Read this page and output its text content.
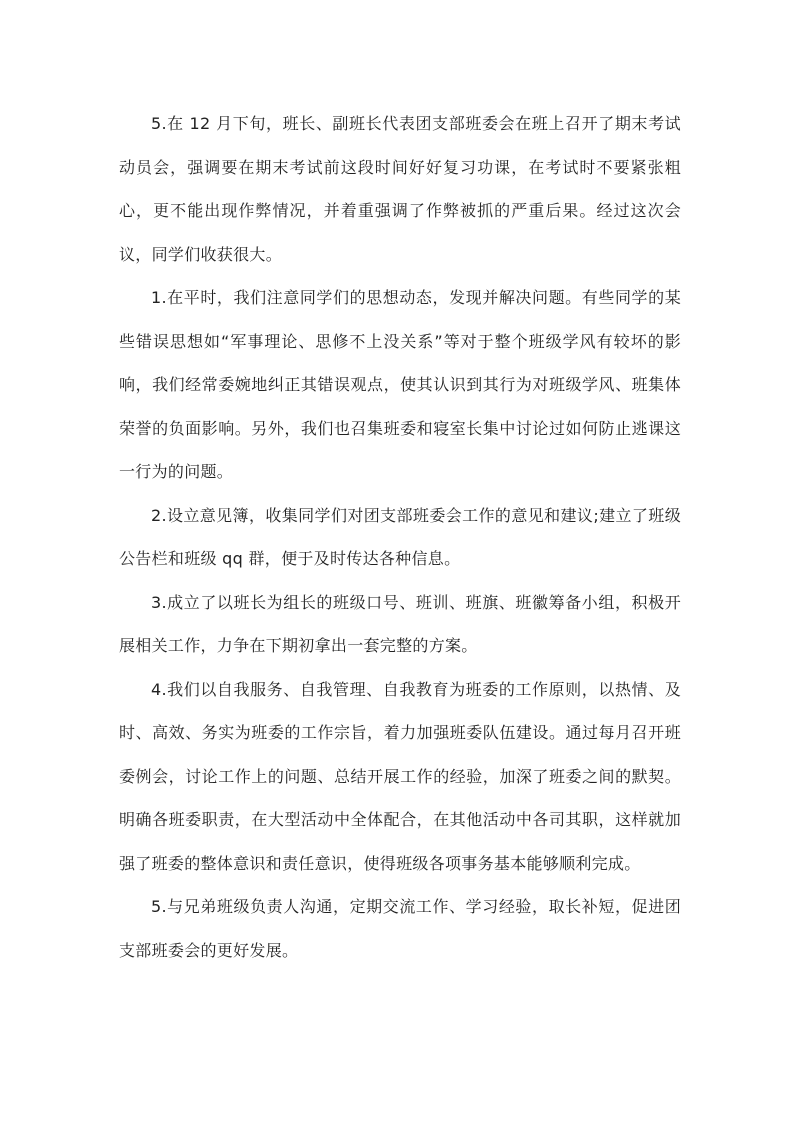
5.在 12 月下旬，班长、副班长代表团支部班委会在班上召开了期末考试动员会，强调要在期末考试前这段时间好好复习功课，在考试时不要紧张粗心，更不能出现作弊情况，并着重强调了作弊被抓的严重后果。经过这次会议，同学们收获很大。

1.在平时，我们注意同学们的思想动态，发现并解决问题。有些同学的某些错误思想如“军事理论、思修不上没关系”等对于整个班级学风有较坏的影响，我们经常委婉地纠正其错误观点，使其认识到其行为对班级学风、班集体荣誉的负面影响。另外，我们也召集班委和寝室长集中讨论过如何防止逃课这一行为的问题。

2.设立意见簿，收集同学们对团支部班委会工作的意见和建议;建立了班级公告栏和班级 qq 群，便于及时传达各种信息。

3.成立了以班长为组长的班级口号、班训、班旗、班徽筹备小组，积极开展相关工作，力争在下期初拿出一套完整的方案。

4.我们以自我服务、自我管理、自我教育为班委的工作原则，以热情、及时、高效、务实为班委的工作宗旨，着力加强班委队伍建设。通过每月召开班委例会，讨论工作上的问题、总结开展工作的经验，加深了班委之间的默契。明确各班委职责，在大型活动中全体配合，在其他活动中各司其职，这样就加强了班委的整体意识和责任意识，使得班级各项事务基本能够顺利完成。

5.与兄弟班级负责人沟通，定期交流工作、学习经验，取长补短，促进团支部班委会的更好发展。
